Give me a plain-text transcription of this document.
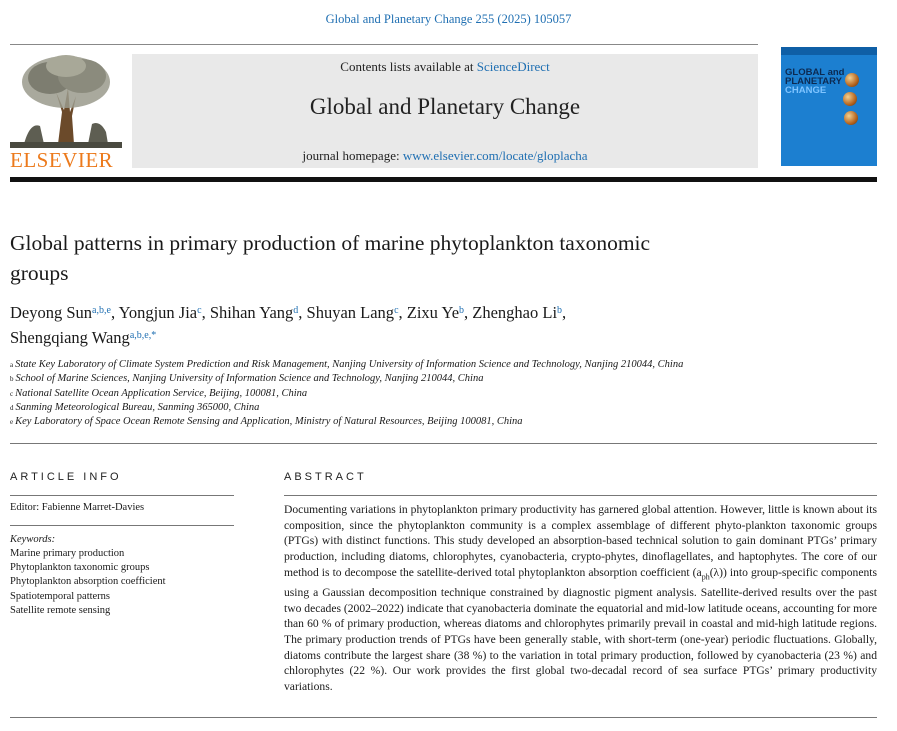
Global and Planetary Change 255 (2025) 105057
ELSEVIER
Contents lists available at ScienceDirect
Global and Planetary Change
journal homepage: www.elsevier.com/locate/gloplacha
GLOBAL and
PLANETARY
CHANGE
Global patterns in primary production of marine phytoplankton taxonomic groups
Deyong Sun$^{a,b,e}$, Yongjun Jia$^c$, Shihan Yang$^d$, Shuyan Lang$^c$, Zixu Ye$^b$, Zhenghao Li$^b$,
Shengqiang Wang$^{a,b,e,*}$
$^a$ State Key Laboratory of Climate System Prediction and Risk Management, Nanjing University of Information Science and Technology, Nanjing 210044, China
$^b$ School of Marine Sciences, Nanjing University of Information Science and Technology, Nanjing 210044, China
$^c$ National Satellite Ocean Application Service, Beijing, 100081, China
$^d$ Sanming Meteorological Bureau, Sanming 365000, China
$^e$ Key Laboratory of Space Ocean Remote Sensing and Application, Ministry of Natural Resources, Beijing 100081, China
ARTICLE INFO
Editor: Fabienne Marret-Davies
Keywords:
Marine primary production
Phytoplankton taxonomic groups
Phytoplankton absorption coefficient
Spatiotemporal patterns
Satellite remote sensing
ABSTRACT

Documenting variations in phytoplankton primary productivity has garnered global attention. However, little is known about its composition, since the phytoplankton community is a complex assemblage of different phyto-plankton taxonomic groups (PTGs) with distinct functions. This study developed an absorption-based technical solution to gain dominant PTGs’ primary production, including diatoms, chlorophytes, cyanobacteria, crypto-phytes, dinoflagellates, and haptophytes. The core of our method is to decompose the satellite-derived total phytoplankton absorption coefficient $(a_{ph}(\lambda))$ into group-specific components using a Gaussian decomposition technique constrained by diagnostic pigment analysis. Satellite-derived results over the past two decades (2002–2022) indicate that cyanobacteria dominate the equatorial and mid-low latitude oceans, accounting for more than 60 % of primary production, whereas diatoms and chlorophytes primarily prevail in coastal and mid-high latitude regions. The primary production trends of PTGs have been generally stable, with short-term (one-year) periodic fluctuations. Globally, diatoms contribute the largest share (38 %) to the variation in total primary production, followed by cyanobacteria (23 %) and chlorophytes (22 %). Our work provides the first global two-decadal record of sea surface PTGs’ primary productivity variations.
